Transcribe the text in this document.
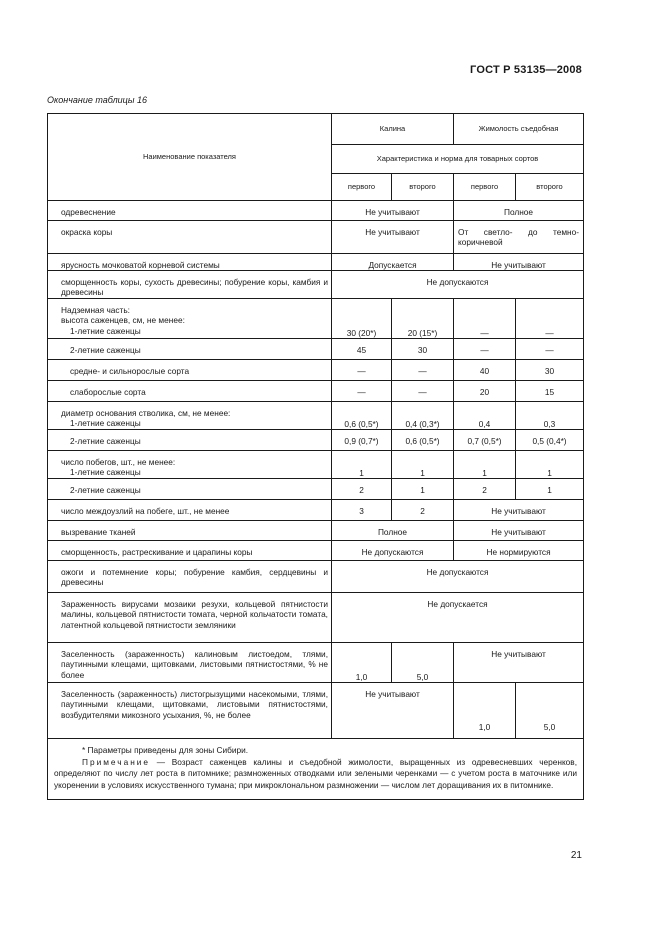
ГОСТ Р 53135—2008
Окончание таблицы 16
Наименование показателя	Калина		Жимолость съедобная	
	Характеристика и норма для товарных сортов			
	первого	второго	первого	второго

одревеснение	Не учитывают		Полное	

окраска коры	Не учитывают		От светло- до темно-коричневой	

ярусность мочковатой корневой системы	Допускается		Не учитывают	

сморщенность коры, сухость древесины; побурение коры, камбия и древесины	Не допускаются			

Надземная часть:
высота саженцев, см, не менее:

1-летние саженцы	30 (20*)	20 (15*)	—	—

2-летние саженцы	45	30	—	—

средне- и сильнорослые сорта	—	—	40	30

слаборослые сорта	—	—	20	15

диаметр основания стволика, см, не менее:

1-летние саженцы	0,6 (0,5*)	0,4 (0,3*)	0,4	0,3

2-летние саженцы	0,9 (0,7*)	0,6 (0,5*)	0,7 (0,5*)	0,5 (0,4*)

число побегов, шт., не менее:

1-летние саженцы	1	1	1	1

2-летние саженцы	2	1	2	1

число междоузлий на побеге, шт., не менее	3	2	Не учитывают	

вызревание тканей	Полное		Не учитывают	

сморщенность, растрескивание и царапины коры	Не допускаются		Не нормируются	

ожоги и потемнение коры; побурение камбия, сердцевины и древесины	Не допускаются			

Зараженность вирусами мозаики резухи, кольцевой пятнистости малины, кольцевой пятнистости томата, черной кольчатости томата, латентной кольцевой пятнистости земляники	Не допускается			

Заселенность (зараженность) калиновым листоедом, тлями, паутинными клещами, щитовками, листовыми пятнистостями, % не более	1,0	5,0	Не учитывают	

Заселенность (зараженность) листогрызущими насекомыми, тлями, паутинными клещами, щитовками, листовыми пятнистостями, возбудителями микозного усыхания, %, не более	Не учитывают		1,0	5,0

* Параметры приведены для зоны Сибири.
Примечание — Возраст саженцев калины и съедобной жимолости, выращенных из одревесневших черенков, определяют по числу лет роста в питомнике; размноженных отводками или зелеными черенками — с учетом роста в маточнике или укоренении в условиях искусственного тумана; при микроклональном размножении — числом лет доращивания их в питомнике.				
21
